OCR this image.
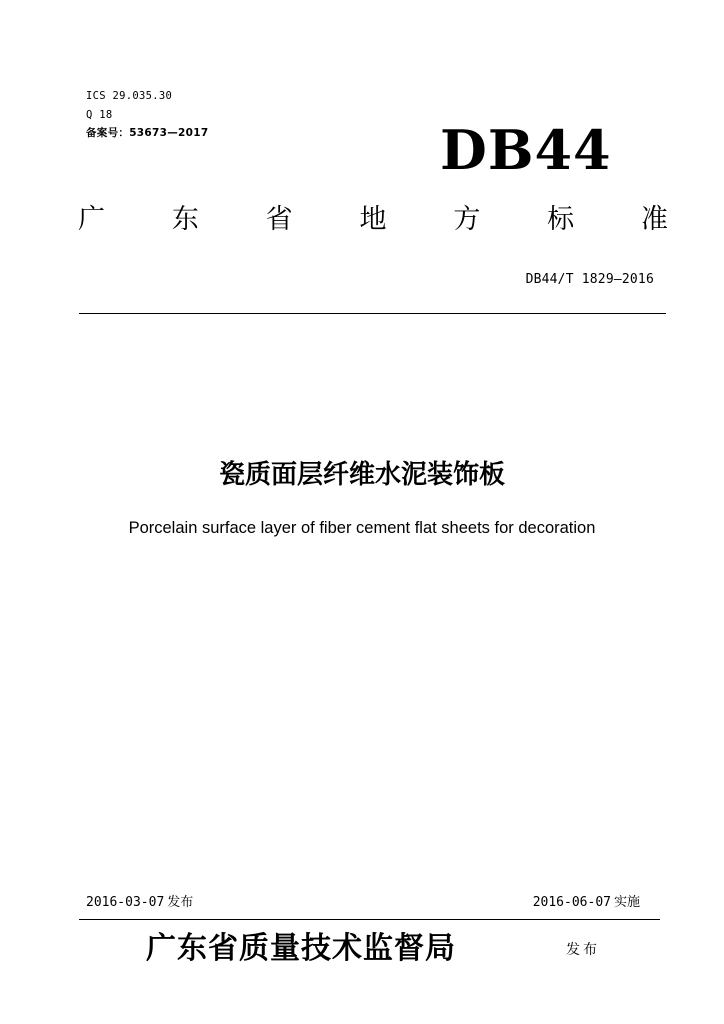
ICS 29.035.30
Q 18
备案号：53673—2017	DB44
广 东 省 地 方 标 准
DB44/T 1829—2016
瓷质面层纤维水泥装饰板
Porcelain surface layer of fiber cement flat sheets for decoration
2016-03-07 发布	2016-06-07 实施
广东省质量技术监督局	发布
